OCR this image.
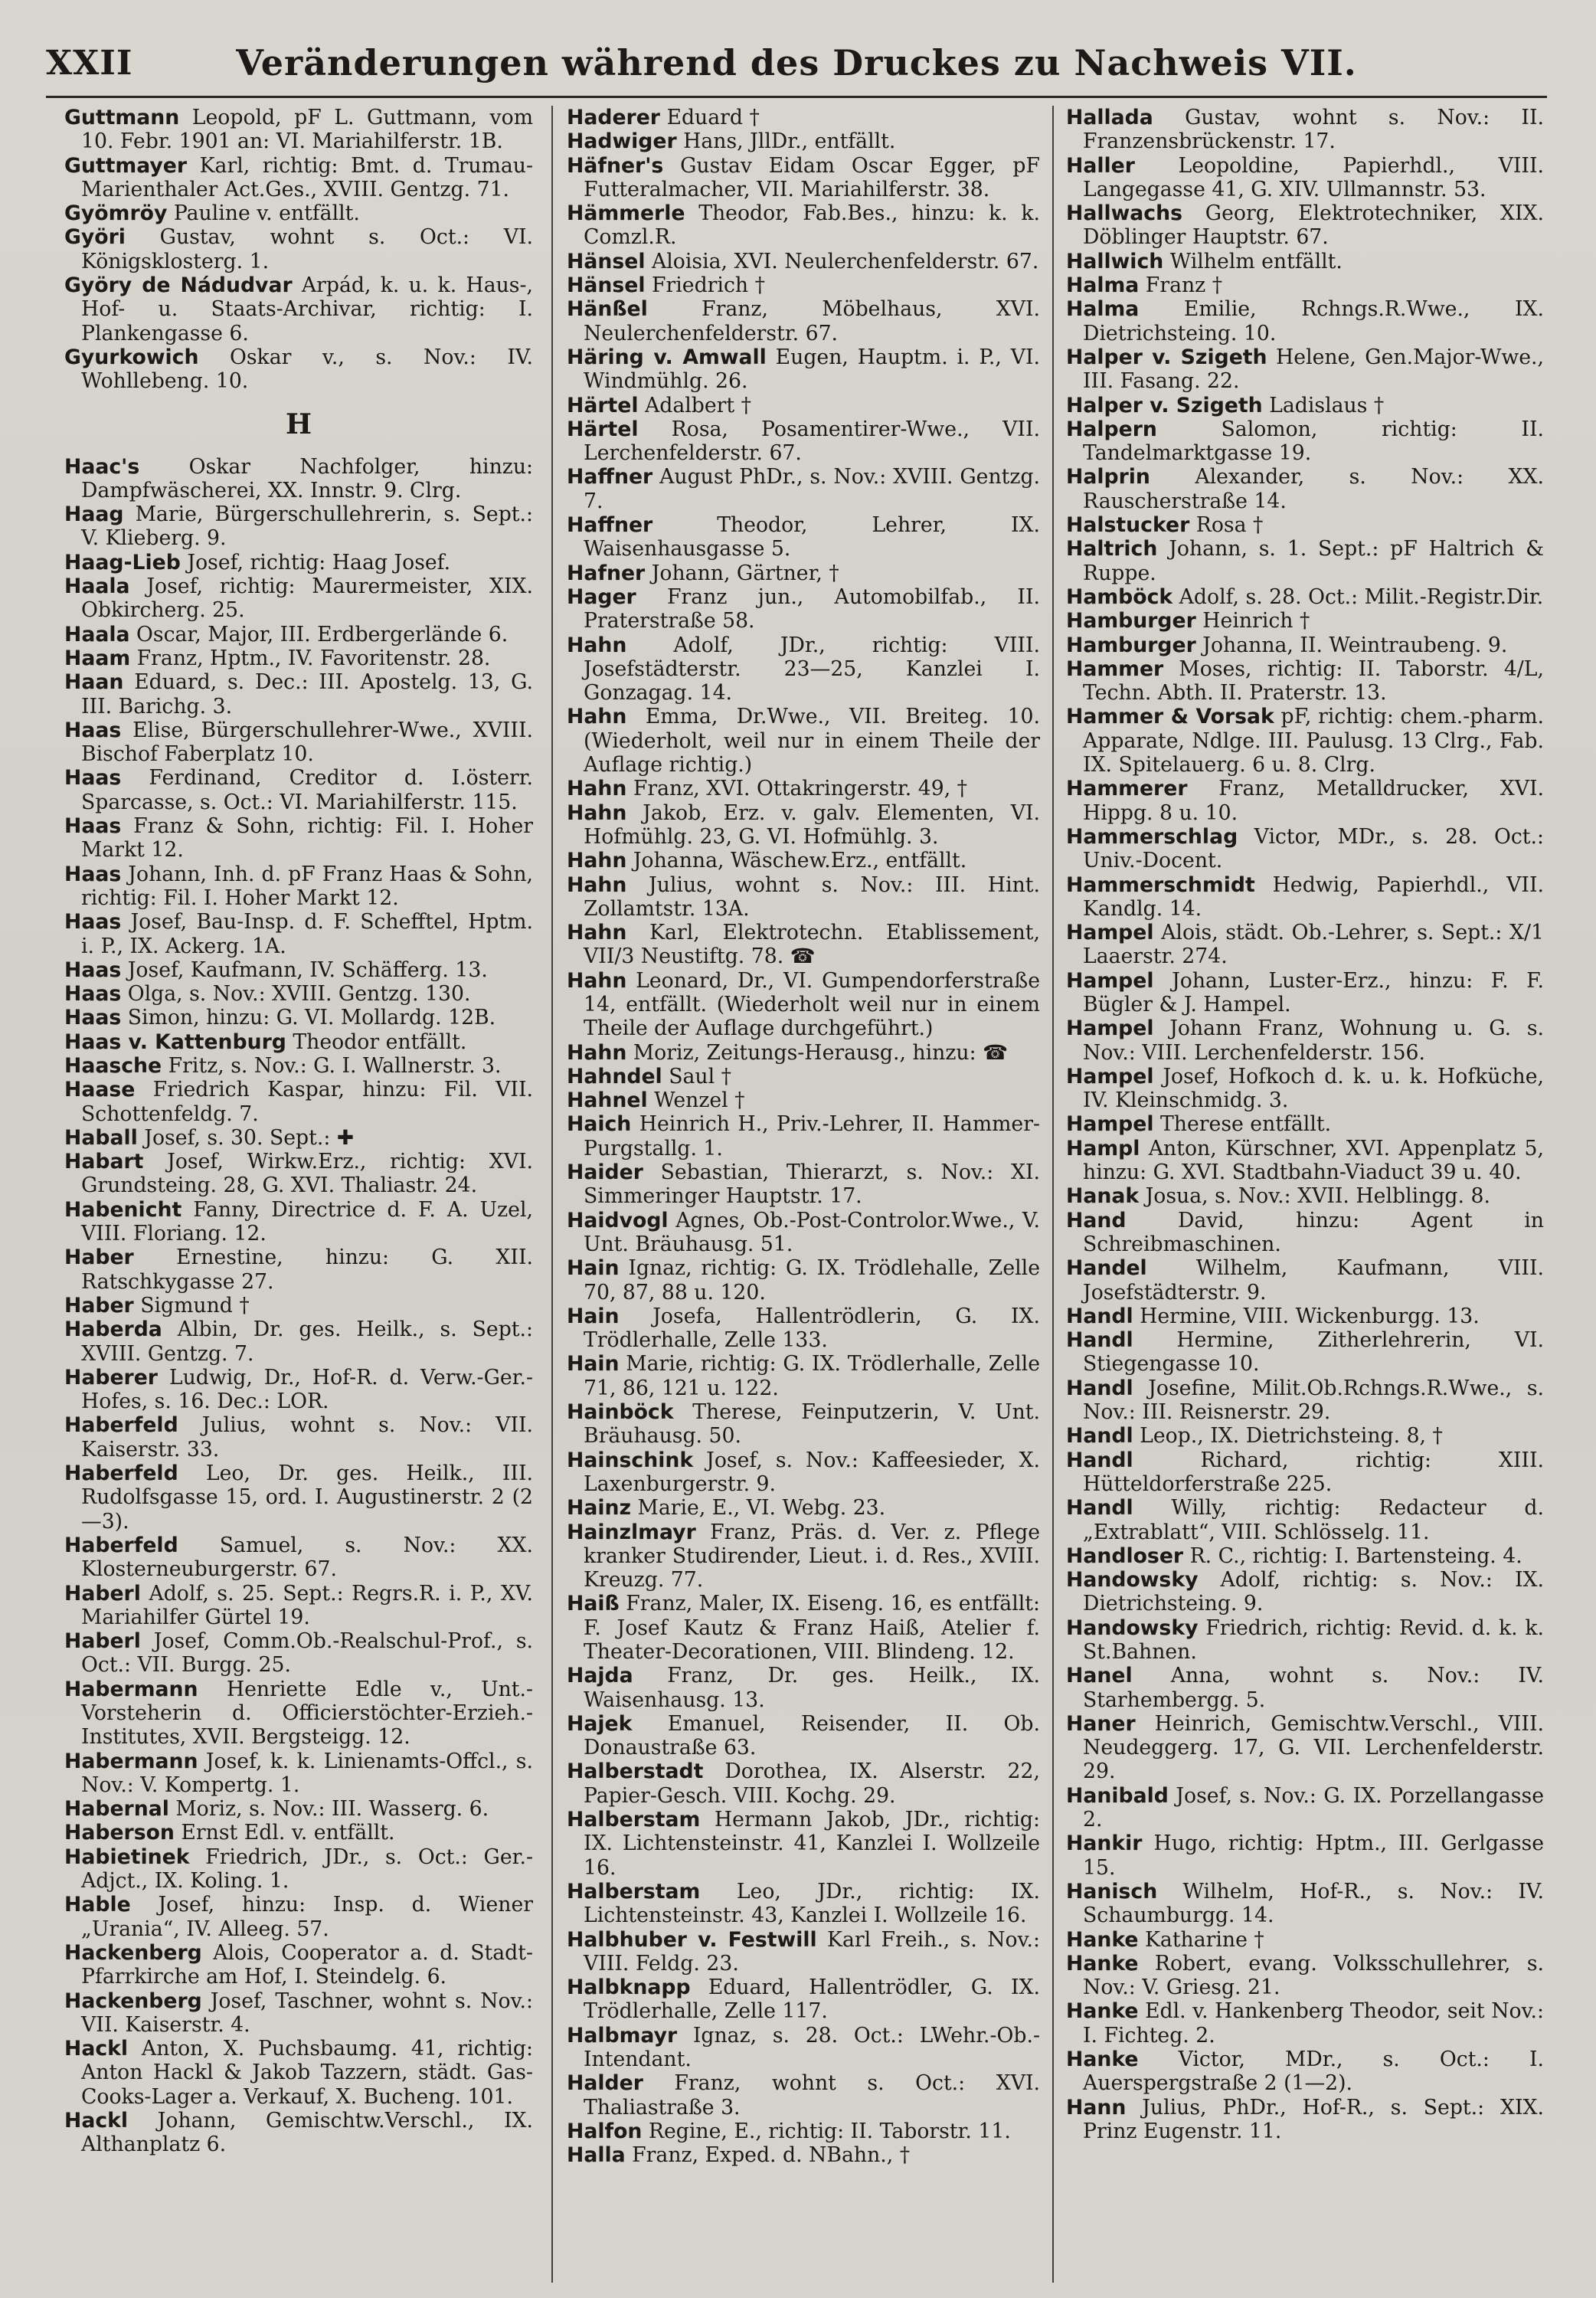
XXII	Veränderungen während des Druckes zu Nachweis VII.
Guttmann Leopold, pF L. Guttmann, vom 10. Febr. 1901 an: VI. Mariahilferstr. 1B.
Guttmayer Karl, richtig: Bmt. d. Trumau-Marienthaler Act.Ges., XVIII. Gentzg. 71.
Gyömröy Pauline v. entfällt.
Györi Gustav, wohnt s. Oct.: VI. Königsklosterg. 1.
Györy de Nádudvar Arpád, k. u. k. Haus-, Hof- u. Staats-Archivar, richtig: I. Plankengasse 6.
Gyurkowich Oskar v., s. Nov.: IV. Wohllebeng. 10.
H
Haac's Oskar Nachfolger, hinzu: Dampfwäscherei, XX. Innstr. 9. Clrg.
Haag Marie, Bürgerschullehrerin, s. Sept.: V. Klieberg. 9.
Haag-Lieb Josef, richtig: Haag Josef.
Haala Josef, richtig: Maurermeister, XIX. Obkircherg. 25.
Haala Oscar, Major, III. Erdbergerlände 6.
Haam Franz, Hptm., IV. Favoritenstr. 28.
Haan Eduard, s. Dec.: III. Apostelg. 13, G. III. Barichg. 3.
Haas Elise, Bürgerschullehrer-Wwe., XVIII. Bischof Faberplatz 10.
Haas Ferdinand, Creditor d. I.österr. Sparcasse, s. Oct.: VI. Mariahilferstr. 115.
Haas Franz & Sohn, richtig: Fil. I. Hoher Markt 12.
Haas Johann, Inh. d. pF Franz Haas & Sohn, richtig: Fil. I. Hoher Markt 12.
Haas Josef, Bau-Insp. d. F. Schefftel, Hptm. i. P., IX. Ackerg. 1A.
Haas Josef, Kaufmann, IV. Schäfferg. 13.
Haas Olga, s. Nov.: XVIII. Gentzg. 130.
Haas Simon, hinzu: G. VI. Mollardg. 12B.
Haas v. Kattenburg Theodor entfällt.
Haasche Fritz, s. Nov.: G. I. Wallnerstr. 3.
Haase Friedrich Kaspar, hinzu: Fil. VII. Schottenfeldg. 7.
Haball Josef, s. 30. Sept.: ✚
Habart Josef, Wirkw.Erz., richtig: XVI. Grundsteing. 28, G. XVI. Thaliastr. 24.
Habenicht Fanny, Directrice d. F. A. Uzel, VIII. Floriang. 12.
Haber Ernestine, hinzu: G. XII. Ratschkygasse 27.
Haber Sigmund †
Haberda Albin, Dr. ges. Heilk., s. Sept.: XVIII. Gentzg. 7.
Haberer Ludwig, Dr., Hof-R. d. Verw.-Ger.-Hofes, s. 16. Dec.: LOR.
Haberfeld Julius, wohnt s. Nov.: VII. Kaiserstr. 33.
Haberfeld Leo, Dr. ges. Heilk., III. Rudolfsgasse 15, ord. I. Augustinerstr. 2 (2—3).
Haberfeld Samuel, s. Nov.: XX. Klosterneuburgerstr. 67.
Haberl Adolf, s. 25. Sept.: Regrs.R. i. P., XV. Mariahilfer Gürtel 19.
Haberl Josef, Comm.Ob.-Realschul-Prof., s. Oct.: VII. Burgg. 25.
Habermann Henriette Edle v., Unt.-Vorsteherin d. Officierstöchter-Erzieh.-Institutes, XVII. Bergsteigg. 12.
Habermann Josef, k. k. Linienamts-Offcl., s. Nov.: V. Kompertg. 1.
Habernal Moriz, s. Nov.: III. Wasserg. 6.
Haberson Ernst Edl. v. entfällt.
Habietinek Friedrich, JDr., s. Oct.: Ger.-Adjct., IX. Koling. 1.
Hable Josef, hinzu: Insp. d. Wiener „Urania“, IV. Alleeg. 57.
Hackenberg Alois, Cooperator a. d. Stadt-Pfarrkirche am Hof, I. Steindelg. 6.
Hackenberg Josef, Taschner, wohnt s. Nov.: VII. Kaiserstr. 4.
Hackl Anton, X. Puchsbaumg. 41, richtig: Anton Hackl & Jakob Tazzern, städt. Gas-Cooks-Lager a. Verkauf, X. Bucheng. 101.
Hackl Johann, Gemischtw.Verschl., IX. Althanplatz 6.
Haderer Eduard †
Hadwiger Hans, JllDr., entfällt.
Häfner's Gustav Eidam Oscar Egger, pF Futteralmacher, VII. Mariahilferstr. 38.
Hämmerle Theodor, Fab.Bes., hinzu: k. k. Comzl.R.
Hänsel Aloisia, XVI. Neulerchenfelderstr. 67.
Hänsel Friedrich †
Hänßel	Franz, Möbelhaus, XVI. Neulerchenfelderstr. 67.
Häring v. Amwall Eugen, Hauptm. i. P., VI. Windmühlg. 26.
Härtel Adalbert †
Härtel Rosa, Posamentirer-Wwe., VII. Lerchenfelderstr. 67.
Haffner August PhDr., s. Nov.: XVIII. Gentzg. 7.
Haffner	Theodor, Lehrer, IX. Waisenhausgasse 5.
Hafner Johann, Gärtner, †
Hager Franz jun., Automobilfab., II. Praterstraße 58.
Hahn Adolf, JDr., richtig: VIII. Josefstädterstr. 23—25, Kanzlei I. Gonzagag. 14.
Hahn Emma, Dr.Wwe., VII. Breiteg. 10. (Wiederholt, weil nur in einem Theile der Auflage richtig.)
Hahn Franz, XVI. Ottakringerstr. 49, †
Hahn Jakob, Erz. v. galv. Elementen, VI. Hofmühlg. 23, G. VI. Hofmühlg. 3.
Hahn Johanna, Wäschew.Erz., entfällt.
Hahn Julius, wohnt s. Nov.: III. Hint. Zollamtstr. 13A.
Hahn Karl, Elektrotechn. Etablissement, VII/3 Neustiftg. 78. ☎
Hahn Leonard, Dr., VI. Gumpendorferstraße 14, entfällt. (Wiederholt weil nur in einem Theile der Auflage durchgeführt.)
Hahn Moriz, Zeitungs-Herausg., hinzu: ☎
Hahndel Saul †
Hahnel Wenzel †
Haich Heinrich H., Priv.-Lehrer, II. Hammer-Purgstallg. 1.
Haider Sebastian, Thierarzt, s. Nov.: XI. Simmeringer Hauptstr. 17.
Haidvogl Agnes, Ob.-Post-Controlor.Wwe., V. Unt. Bräuhausg. 51.
Hain Ignaz, richtig: G. IX. Trödlehalle, Zelle 70, 87, 88 u. 120.
Hain Josefa, Hallentrödlerin, G. IX. Trödlerhalle, Zelle 133.
Hain Marie, richtig: G. IX. Trödlerhalle, Zelle 71, 86, 121 u. 122.
Hainböck Therese, Feinputzerin, V. Unt. Bräuhausg. 50.
Hainschink Josef, s. Nov.: Kaffeesieder, X. Laxenburgerstr. 9.
Hainz Marie, E., VI. Webg. 23.
Hainzlmayr Franz, Präs. d. Ver. z. Pflege kranker Studirender, Lieut. i. d. Res., XVIII. Kreuzg. 77.
Haiß Franz, Maler, IX. Eiseng. 16, es entfällt: F. Josef Kautz & Franz Haiß, Atelier f. Theater-Decorationen, VIII. Blindeng. 12.
Hajda Franz, Dr. ges. Heilk., IX. Waisenhausg. 13.
Hajek Emanuel, Reisender, II. Ob. Donaustraße 63.
Halberstadt Dorothea, IX. Alserstr. 22, Papier-Gesch. VIII. Kochg. 29.
Halberstam Hermann Jakob, JDr., richtig: IX. Lichtensteinstr. 41, Kanzlei I. Wollzeile 16.
Halberstam Leo, JDr., richtig: IX. Lichtensteinstr. 43, Kanzlei I. Wollzeile 16.
Halbhuber v. Festwill Karl Freih., s. Nov.: VIII. Feldg. 23.
Halbknapp Eduard, Hallentrödler, G. IX. Trödlerhalle, Zelle 117.
Halbmayr Ignaz, s. 28. Oct.: LWehr.-Ob.-Intendant.
Halder Franz, wohnt s. Oct.: XVI. Thaliastraße 3.
Halfon Regine, E., richtig: II. Taborstr. 11.
Halla Franz, Exped. d. NBahn., †
Hallada Gustav, wohnt s. Nov.: II. Franzensbrückenstr. 17.
Haller Leopoldine, Papierhdl., VIII. Langegasse 41, G. XIV. Ullmannstr. 53.
Hallwachs Georg, Elektrotechniker, XIX. Döblinger Hauptstr. 67.
Hallwich Wilhelm entfällt.
Halma Franz †
Halma Emilie, Rchngs.R.Wwe., IX. Dietrichsteing. 10.
Halper v. Szigeth Helene, Gen.Major-Wwe., III. Fasang. 22.
Halper v. Szigeth Ladislaus †
Halpern	Salomon, richtig: II. Tandelmarktgasse 19.
Halprin Alexander, s. Nov.: XX. Rauscherstraße 14.
Halstucker Rosa †
Haltrich Johann, s. 1. Sept.: pF Haltrich & Ruppe.
Hamböck Adolf, s. 28. Oct.: Milit.-Registr.Dir.
Hamburger Heinrich †
Hamburger Johanna, II. Weintraubeng. 9.
Hammer Moses, richtig: II. Taborstr. 4/L, Techn. Abth. II. Praterstr. 13.
Hammer & Vorsak pF, richtig: chem.-pharm. Apparate, Ndlge. III. Paulusg. 13 Clrg., Fab. IX. Spitelauerg. 6 u. 8. Clrg.
Hammerer Franz, Metalldrucker, XVI. Hippg. 8 u. 10.
Hammerschlag Victor, MDr., s. 28. Oct.: Univ.-Docent.
Hammerschmidt Hedwig, Papierhdl., VII. Kandlg. 14.
Hampel Alois, städt. Ob.-Lehrer, s. Sept.: X/1 Laaerstr. 274.
Hampel Johann, Luster-Erz., hinzu: F. F. Bügler & J. Hampel.
Hampel Johann Franz, Wohnung u. G. s. Nov.: VIII. Lerchenfelderstr. 156.
Hampel Josef, Hofkoch d. k. u. k. Hofküche, IV. Kleinschmidg. 3.
Hampel Therese entfällt.
Hampl Anton, Kürschner, XVI. Appenplatz 5, hinzu: G. XVI. Stadtbahn-Viaduct 39 u. 40.
Hanak Josua, s. Nov.: XVII. Helblingg. 8.
Hand	David, hinzu: Agent in Schreibmaschinen.
Handel Wilhelm, Kaufmann, VIII. Josefstädterstr. 9.
Handl Hermine, VIII. Wickenburgg. 13.
Handl Hermine, Zitherlehrerin, VI. Stiegengasse 10.
Handl Josefine, Milit.Ob.Rchngs.R.Wwe., s. Nov.: III. Reisnerstr. 29.
Handl Leop., IX. Dietrichsteing. 8, †
Handl	Richard, richtig: XIII. Hütteldorferstraße 225.
Handl Willy, richtig: Redacteur d. „Extrablatt“, VIII. Schlösselg. 11.
Handloser R. C., richtig: I. Bartensteing. 4.
Handowsky Adolf, richtig: s. Nov.: IX. Dietrichsteing. 9.
Handowsky Friedrich, richtig: Revid. d. k. k. St.Bahnen.
Hanel Anna, wohnt s. Nov.: IV. Starhembergg. 5.
Haner Heinrich, Gemischtw.Verschl., VIII. Neudeggerg. 17, G. VII. Lerchenfelderstr. 29.
Hanibald Josef, s. Nov.: G. IX. Porzellangasse 2.
Hankir Hugo, richtig: Hptm., III. Gerlgasse 15.
Hanisch Wilhelm, Hof-R., s. Nov.: IV. Schaumburgg. 14.
Hanke Katharine †
Hanke Robert, evang. Volksschullehrer, s. Nov.: V. Griesg. 21.
Hanke Edl. v. Hankenberg Theodor, seit Nov.: I. Fichteg. 2.
Hanke Victor, MDr., s. Oct.: I. Auerspergstraße 2 (1—2).
Hann Julius, PhDr., Hof-R., s. Sept.: XIX. Prinz Eugenstr. 11.
